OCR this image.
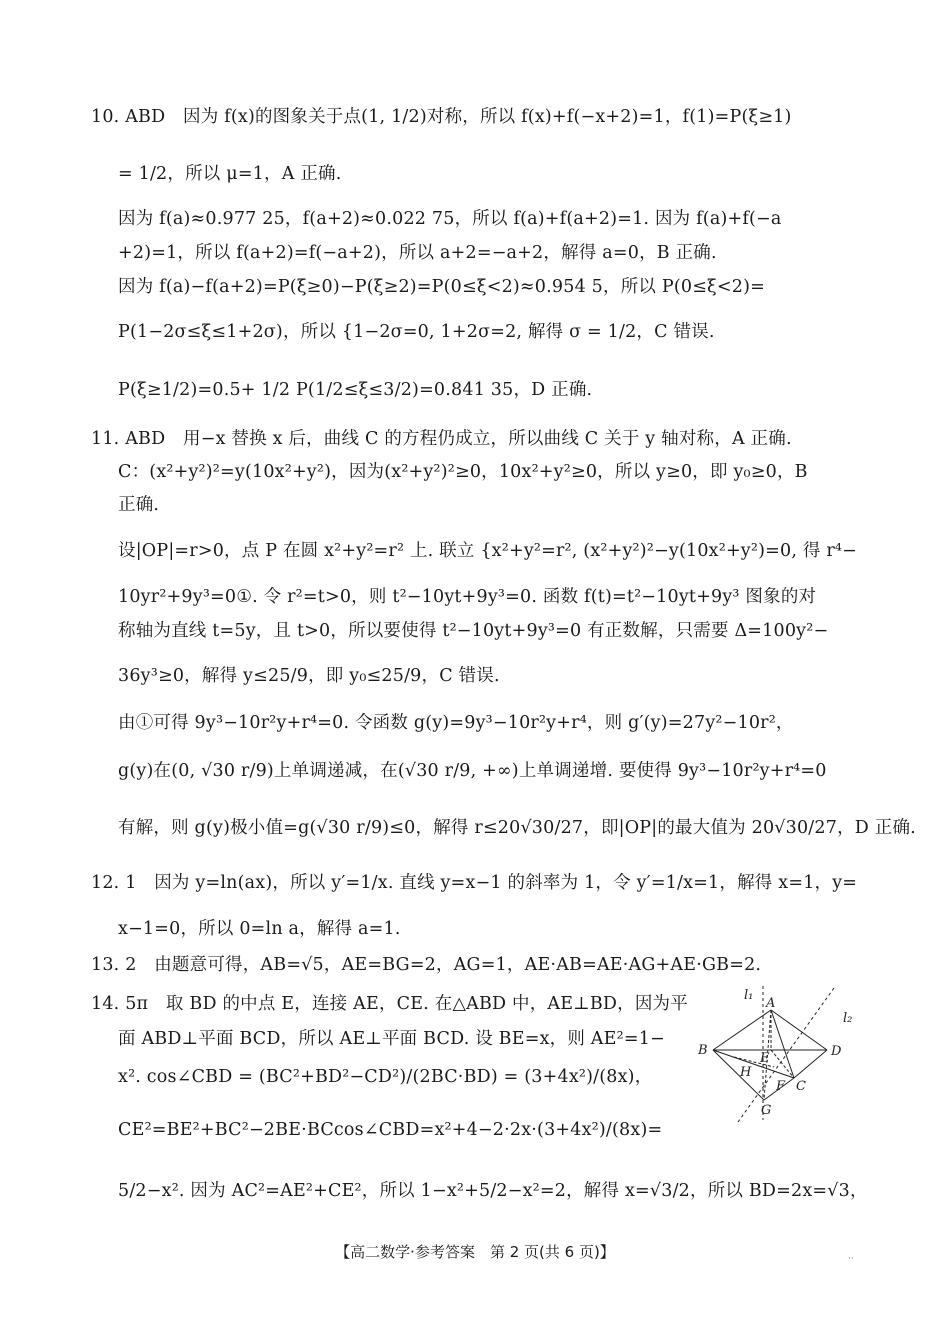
10. ABD　因为 f(x)的图象关于点(1, 1/2)对称，所以 f(x)+f(−x+2)=1，f(1)=P(ξ≥1)
= 1/2，所以 μ=1，A 正确.
因为 f(a)≈0.977 25，f(a+2)≈0.022 75，所以 f(a)+f(a+2)=1. 因为 f(a)+f(−a
+2)=1，所以 f(a+2)=f(−a+2)，所以 a+2=−a+2，解得 a=0，B 正确.
因为 f(a)−f(a+2)=P(ξ≥0)−P(ξ≥2)=P(0≤ξ<2)≈0.954 5，所以 P(0≤ξ<2)=
P(1−2σ≤ξ≤1+2σ)，所以 {1−2σ=0, 1+2σ=2, 解得 σ = 1/2，C 错误.
P(ξ≥1/2)=0.5+ 1/2 P(1/2≤ξ≤3/2)=0.841 35，D 正确.
11. ABD　用−x 替换 x 后，曲线 C 的方程仍成立，所以曲线 C 关于 y 轴对称，A 正确.
C：(x²+y²)²=y(10x²+y²)，因为(x²+y²)²≥0，10x²+y²≥0，所以 y≥0，即 y₀≥0，B
正确.
设|OP|=r>0，点 P 在圆 x²+y²=r² 上. 联立 {x²+y²=r², (x²+y²)²−y(10x²+y²)=0, 得 r⁴−
10yr²+9y³=0①. 令 r²=t>0，则 t²−10yt+9y³=0. 函数 f(t)=t²−10yt+9y³ 图象的对
称轴为直线 t=5y，且 t>0，所以要使得 t²−10yt+9y³=0 有正数解，只需要 Δ=100y²−
36y³≥0，解得 y≤25/9，即 y₀≤25/9，C 错误.
由①可得 9y³−10r²y+r⁴=0. 令函数 g(y)=9y³−10r²y+r⁴，则 g′(y)=27y²−10r²，
g(y)在(0, √30 r/9)上单调递减，在(√30 r/9, +∞)上单调递增. 要使得 9y³−10r²y+r⁴=0
有解，则 g(y)极小值=g(√30 r/9)≤0，解得 r≤20√30/27，即|OP|的最大值为 20√30/27，D 正确.
12. 1　因为 y=ln(ax)，所以 y′=1/x. 直线 y=x−1 的斜率为 1，令 y′=1/x=1，解得 x=1，y=
x−1=0，所以 0=ln a，解得 a=1.
13. 2　由题意可得，AB=√5，AE=BG=2，AG=1，AE·AB=AE·AG+AE·GB=2.
14. 5π　取 BD 的中点 E，连接 AE，CE. 在△ABD 中，AE⊥BD，因为平
面 ABD⊥平面 BCD，所以 AE⊥平面 BCD. 设 BE=x，则 AE²=1−
x². cos∠CBD = (BC²+BD²−CD²)/(2BC·BD) = (3+4x²)/(8x)，
CE²=BE²+BC²−2BE·BCcos∠CBD=x²+4−2·2x·(3+4x²)/(8x)=
5/2−x². 因为 AC²=AE²+CE²，所以 1−x²+5/2−x²=2，解得 x=√3/2，所以 BD=2x=√3，
l₁
l₂
A
B	D
E
H
F C
G
【高二数学·参考答案　第 2 页(共 6 页)】	··
